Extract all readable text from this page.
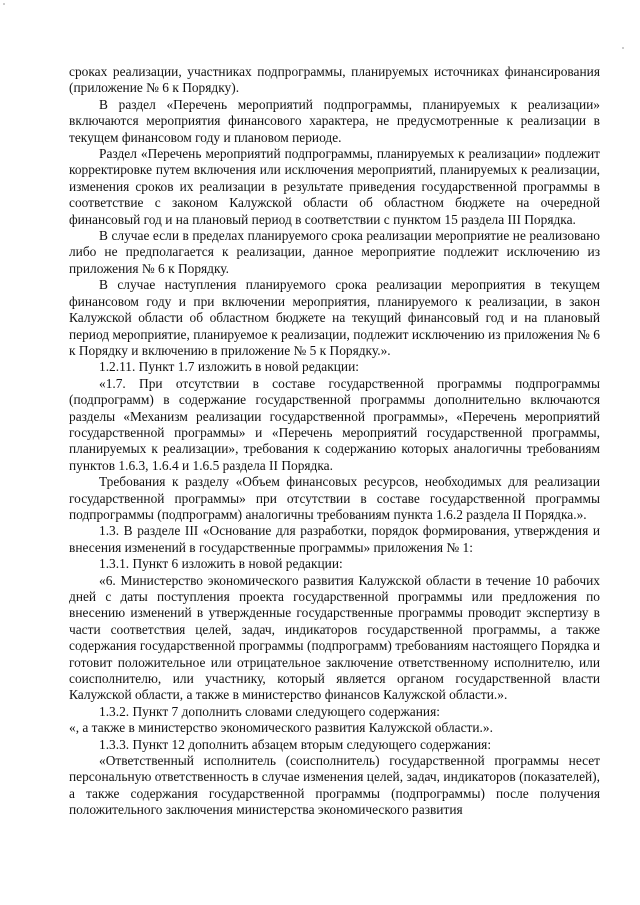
сроках реализации, участниках подпрограммы, планируемых источниках финансирования (приложение № 6 к Порядку).

В раздел «Перечень мероприятий подпрограммы, планируемых к реализации» включаются мероприятия финансового характера, не предусмотренные к реализации в текущем финансовом году и плановом периоде.

Раздел «Перечень мероприятий подпрограммы, планируемых к реализации» подлежит корректировке путем включения или исключения мероприятий, планируемых к реализации, изменения сроков их реализации в результате приведения государственной программы в соответствие с законом Калужской области об областном бюджете на очередной финансовый год и на плановый период в соответствии с пунктом 15 раздела III Порядка.

В случае если в пределах планируемого срока реализации мероприятие не реализовано либо не предполагается к реализации, данное мероприятие подлежит исключению из приложения № 6 к Порядку.

В случае наступления планируемого срока реализации мероприятия в текущем финансовом году и при включении мероприятия, планируемого к реализации, в закон Калужской области об областном бюджете на текущий финансовый год и на плановый период мероприятие, планируемое к реализации, подлежит исключению из приложения № 6 к Порядку и включению в приложение № 5 к Порядку.».

1.2.11. Пункт 1.7 изложить в новой редакции:

«1.7. При отсутствии в составе государственной программы подпрограммы (подпрограмм) в содержание государственной программы дополнительно включаются разделы «Механизм реализации государственной программы», «Перечень мероприятий государственной программы» и «Перечень мероприятий государственной программы, планируемых к реализации», требования к содержанию которых аналогичны требованиям пунктов 1.6.3, 1.6.4 и 1.6.5 раздела II Порядка.

Требования к разделу «Объем финансовых ресурсов, необходимых для реализации государственной программы» при отсутствии в составе государственной программы подпрограммы (подпрограмм) аналогичны требованиям пункта 1.6.2 раздела II Порядка.».

1.3. В разделе III «Основание для разработки, порядок формирования, утверждения и внесения изменений в государственные программы» приложения № 1:

1.3.1. Пункт 6 изложить в новой редакции:

«6. Министерство экономического развития Калужской области в течение 10 рабочих дней с даты поступления проекта государственной программы или предложения по внесению изменений в утвержденные государственные программы проводит экспертизу в части соответствия целей, задач, индикаторов государственной программы, а также содержания государственной программы (подпрограмм) требованиям настоящего Порядка и готовит положительное или отрицательное заключение ответственному исполнителю, или соисполнителю, или участнику, который является органом государственной власти Калужской области, а также в министерство финансов Калужской области.».

1.3.2. Пункт 7 дополнить словами следующего содержания:

«, а также в министерство экономического развития Калужской области.».

1.3.3. Пункт 12 дополнить абзацем вторым следующего содержания:

«Ответственный исполнитель (соисполнитель) государственной программы несет персональную ответственность в случае изменения целей, задач, индикаторов (показателей), а также содержания государственной программы (подпрограммы) после получения положительного заключения министерства экономического развития
